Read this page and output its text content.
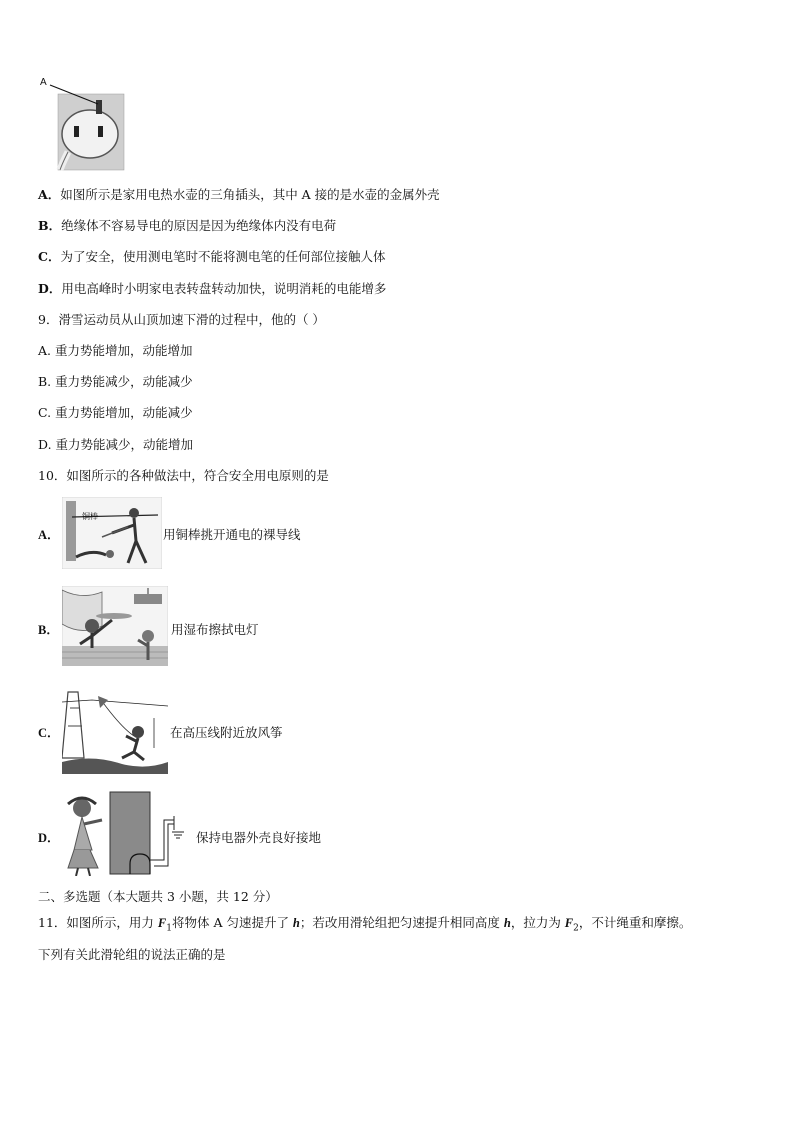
A
A．如图所示是家用电热水壶的三角插头，其中 A 接的是水壶的金属外壳
B．绝缘体不容易导电的原因是因为绝缘体内没有电荷
C．为了安全，使用测电笔时不能将测电笔的任何部位接触人体
D．用电高峰时小明家电表转盘转动加快，说明消耗的电能增多
9．滑雪运动员从山顶加速下滑的过程中，他的（ ）
A. 重力势能增加，动能增加
B. 重力势能减少，动能减少
C. 重力势能增加，动能减少
D. 重力势能减少，动能增加
10．如图所示的各种做法中，符合安全用电原则的是
A．
铜棒
用铜棒挑开通电的裸导线
B．	用湿布擦拭电灯
C．	在高压线附近放风筝
D．	保持电器外壳良好接地
二、多选题（本大题共 3 小题，共 12 分）
11．如图所示，用力 $F_1$将物体 A 匀速提升了 h；若改用滑轮组把匀速提升相同高度 h，拉力为 $F_2$，不计绳重和摩擦。
下列有关此滑轮组的说法正确的是
